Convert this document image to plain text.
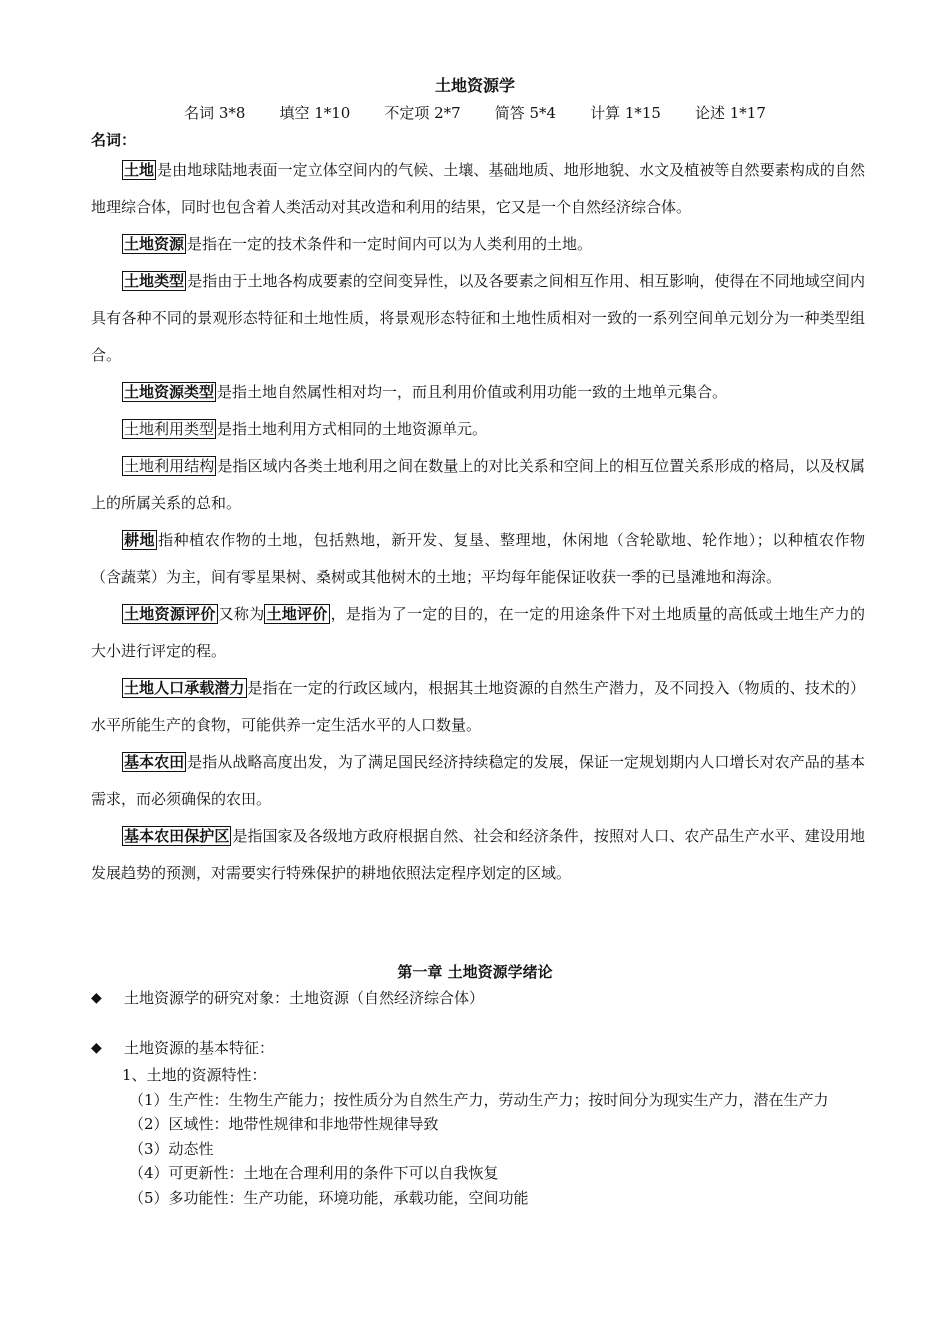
土地资源学
名词 3*8 填空 1*10 不定项 2*7 简答 5*4 计算 1*15 论述 1*17
名词：

土地 是由地球陆地表面一定立体空间内的气候、土壤、基础地质、地形地貌、水文及植被等自然要素构成的自然地理综合体，同时也包含着人类活动对其改造和利用的结果，它又是一个自然经济综合体。

土地资源 是指在一定的技术条件和一定时间内可以为人类利用的土地。

土地类型 是指由于土地各构成要素的空间变异性，以及各要素之间相互作用、相互影响，使得在不同地域空间内具有各种不同的景观形态特征和土地性质，将景观形态特征和土地性质相对一致的一系列空间单元划分为一种类型组合。

土地资源类型 是指土地自然属性相对均一，而且利用价值或利用功能一致的土地单元集合。

土地利用类型 是指土地利用方式相同的土地资源单元。

土地利用结构 是指区域内各类土地利用之间在数量上的对比关系和空间上的相互位置关系形成的格局，以及权属上的所属关系的总和。

耕地 指种植农作物的土地，包括熟地，新开发、复垦、整理地，休闲地（含轮歇地、轮作地）；以种植农作物（含蔬菜）为主，间有零星果树、桑树或其他树木的土地；平均每年能保证收获一季的已垦滩地和海涂。

土地资源评价 又称为 土地评价 ，是指为了一定的目的，在一定的用途条件下对土地质量的高低或土地生产力的大小进行评定的程。

土地人口承载潜力 是指在一定的行政区域内，根据其土地资源的自然生产潜力，及不同投入（物质的、技术的）水平所能生产的食物，可能供养一定生活水平的人口数量。

基本农田 是指从战略高度出发，为了满足国民经济持续稳定的发展，保证一定规划期内人口增长对农产品的基本需求，而必须确保的农田。

基本农田保护区 是指国家及各级地方政府根据自然、社会和经济条件，按照对人口、农产品生产水平、建设用地发展趋势的预测，对需要实行特殊保护的耕地依照法定程序划定的区域。

第一章 土地资源学绪论
◆	土地资源学的研究对象：土地资源（自然经济综合体）
◆	土地资源的基本特征：

1、土地的资源特性：

（1）生产性：生物生产能力；按性质分为自然生产力，劳动生产力；按时间分为现实生产力，潜在生产力

（2）区域性：地带性规律和非地带性规律导致

（3）动态性

（4）可更新性：土地在合理利用的条件下可以自我恢复

（5）多功能性：生产功能，环境功能，承载功能，空间功能
